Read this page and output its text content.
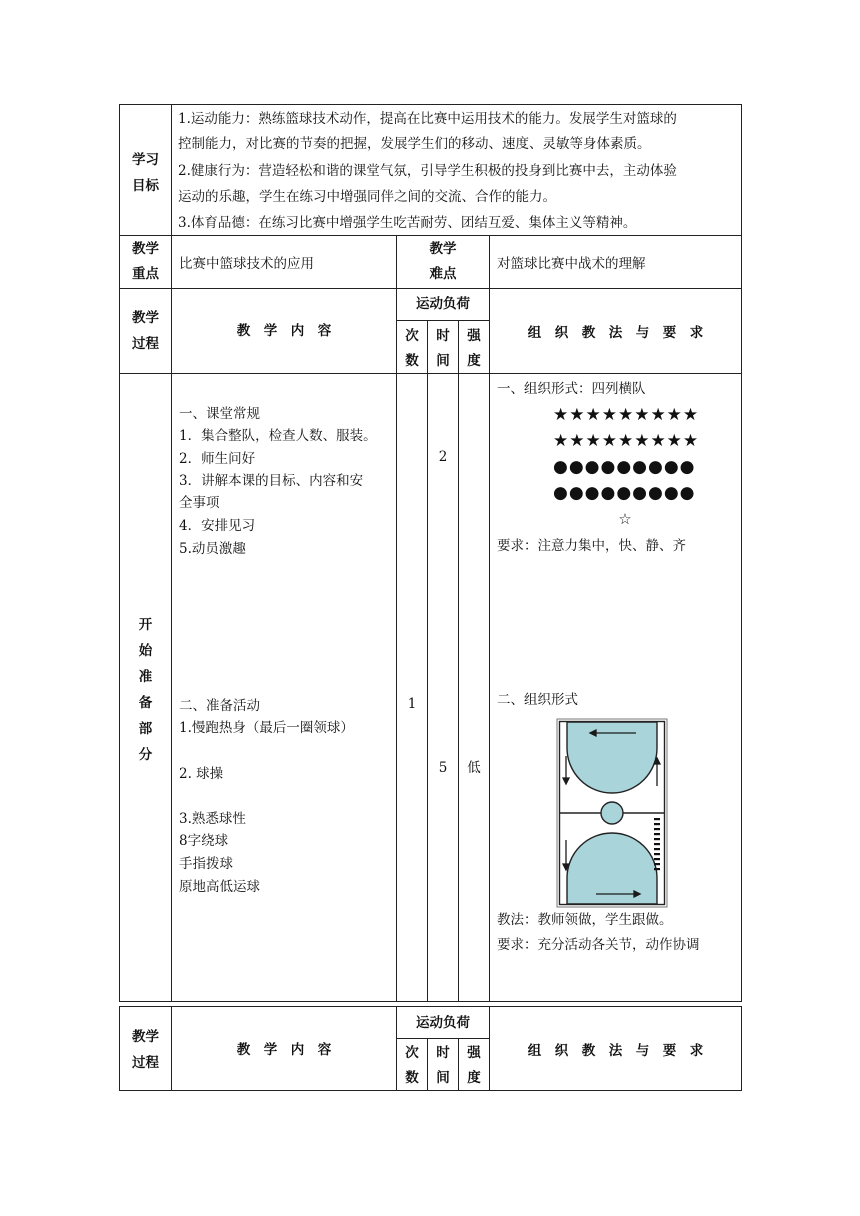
学习
目标
1.运动能力：熟练篮球技术动作，提高在比赛中运用技术的能力。发展学生对篮球的
控制能力，对比赛的节奏的把握，发展学生们的移动、速度、灵敏等身体素质。
2.健康行为：营造轻松和谐的课堂气氛，引导学生积极的投身到比赛中去，主动体验
运动的乐趣，学生在练习中增强同伴之间的交流、合作的能力。
3.体育品德：在练习比赛中增强学生吃苦耐劳、团结互爱、集体主义等精神。
教学
重点
比赛中篮球技术的应用
教学
难点
对篮球比赛中战术的理解
教学
过程
教　学　内　容
运动负荷
次
数
时
间
强
度
组　织　教　法　与　要　求
开
始
准
备
部
分
一、课堂常规
1．集合整队，检查人数、服装。
2．师生问好
3．讲解本课的目标、内容和安
全事项
4．安排见习
5.动员激趣
二、准备活动
1.慢跑热身（最后一圈领球）
2. 球操
3.熟悉球性
8字绕球
手指拨球
原地高低运球
1
2
5	低
一、组织形式：四列横队
★★★★★★★★★
★★★★★★★★★
●●●●●●●●●
●●●●●●●●●
☆
要求：注意力集中，快、静、齐
二、组织形式
教法：教师领做，学生跟做。
要求：充分活动各关节，动作协调
教学
过程
教　学　内　容
运动负荷
次
数
时
间
强
度
组　织　教　法　与　要　求
